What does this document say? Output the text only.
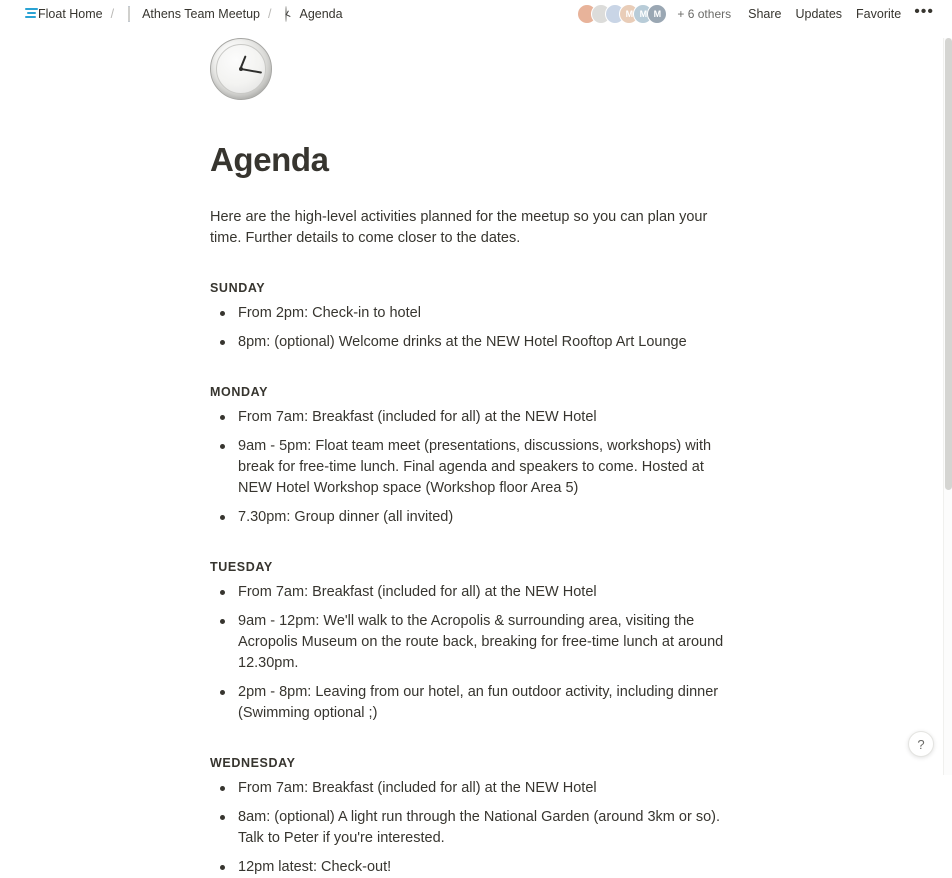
Float Home /	Athens Team Meetup /	Agenda	M M M + 6 others	Share	Updates	Favorite •••
Agenda

Here are the high-level activities planned for the meetup so you can plan your time. Further details to come closer to the dates.

SUNDAY
From 2pm: Check-in to hotel
8pm: (optional) Welcome drinks at the NEW Hotel Rooftop Art Lounge
MONDAY
From 7am: Breakfast (included for all) at the NEW Hotel
9am - 5pm: Float team meet (presentations, discussions, workshops) with break for free-time lunch. Final agenda and speakers to come. Hosted at NEW Hotel Workshop space (Workshop floor Area 5)
7.30pm: Group dinner (all invited)
TUESDAY
From 7am: Breakfast (included for all) at the NEW Hotel
9am - 12pm: We'll walk to the Acropolis & surrounding area, visiting the Acropolis Museum on the route back, breaking for free-time lunch at around 12.30pm.
2pm - 8pm: Leaving from our hotel, an fun outdoor activity, including dinner (Swimming optional ;)
WEDNESDAY
From 7am: Breakfast (included for all) at the NEW Hotel
8am: (optional) A light run through the National Garden (around 3km or so). Talk to Peter if you're interested.
12pm latest: Check-out!
?
